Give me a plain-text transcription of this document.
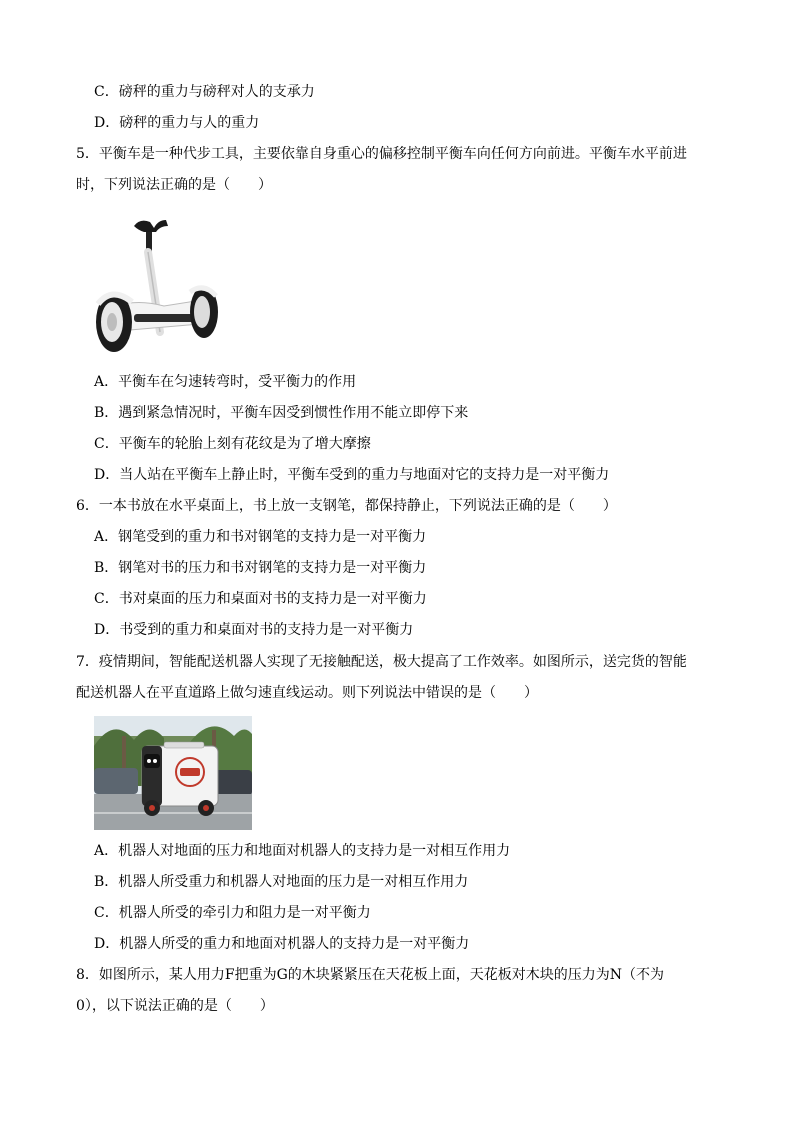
C．磅秤的重力与磅秤对人的支承力
D．磅秤的重力与人的重力
5．平衡车是一种代步工具，主要依靠自身重心的偏移控制平衡车向任何方向前进。平衡车水平前进
时，下列说法正确的是（　　）
A．平衡车在匀速转弯时，受平衡力的作用
B．遇到紧急情况时，平衡车因受到惯性作用不能立即停下来
C．平衡车的轮胎上刻有花纹是为了增大摩擦
D．当人站在平衡车上静止时，平衡车受到的重力与地面对它的支持力是一对平衡力
6．一本书放在水平桌面上，书上放一支钢笔，都保持静止，下列说法正确的是（　　）
A．钢笔受到的重力和书对钢笔的支持力是一对平衡力
B．钢笔对书的压力和书对钢笔的支持力是一对平衡力
C．书对桌面的压力和桌面对书的支持力是一对平衡力
D．书受到的重力和桌面对书的支持力是一对平衡力
7．疫情期间，智能配送机器人实现了无接触配送，极大提高了工作效率。如图所示，送完货的智能
配送机器人在平直道路上做匀速直线运动。则下列说法中错误的是（　　）
A．机器人对地面的压力和地面对机器人的支持力是一对相互作用力
B．机器人所受重力和机器人对地面的压力是一对相互作用力
C．机器人所受的牵引力和阻力是一对平衡力
D．机器人所受的重力和地面对机器人的支持力是一对平衡力
8．如图所示，某人用力F把重为G的木块紧紧压在天花板上面，天花板对木块的压力为N（不为
0），以下说法正确的是（　　）
